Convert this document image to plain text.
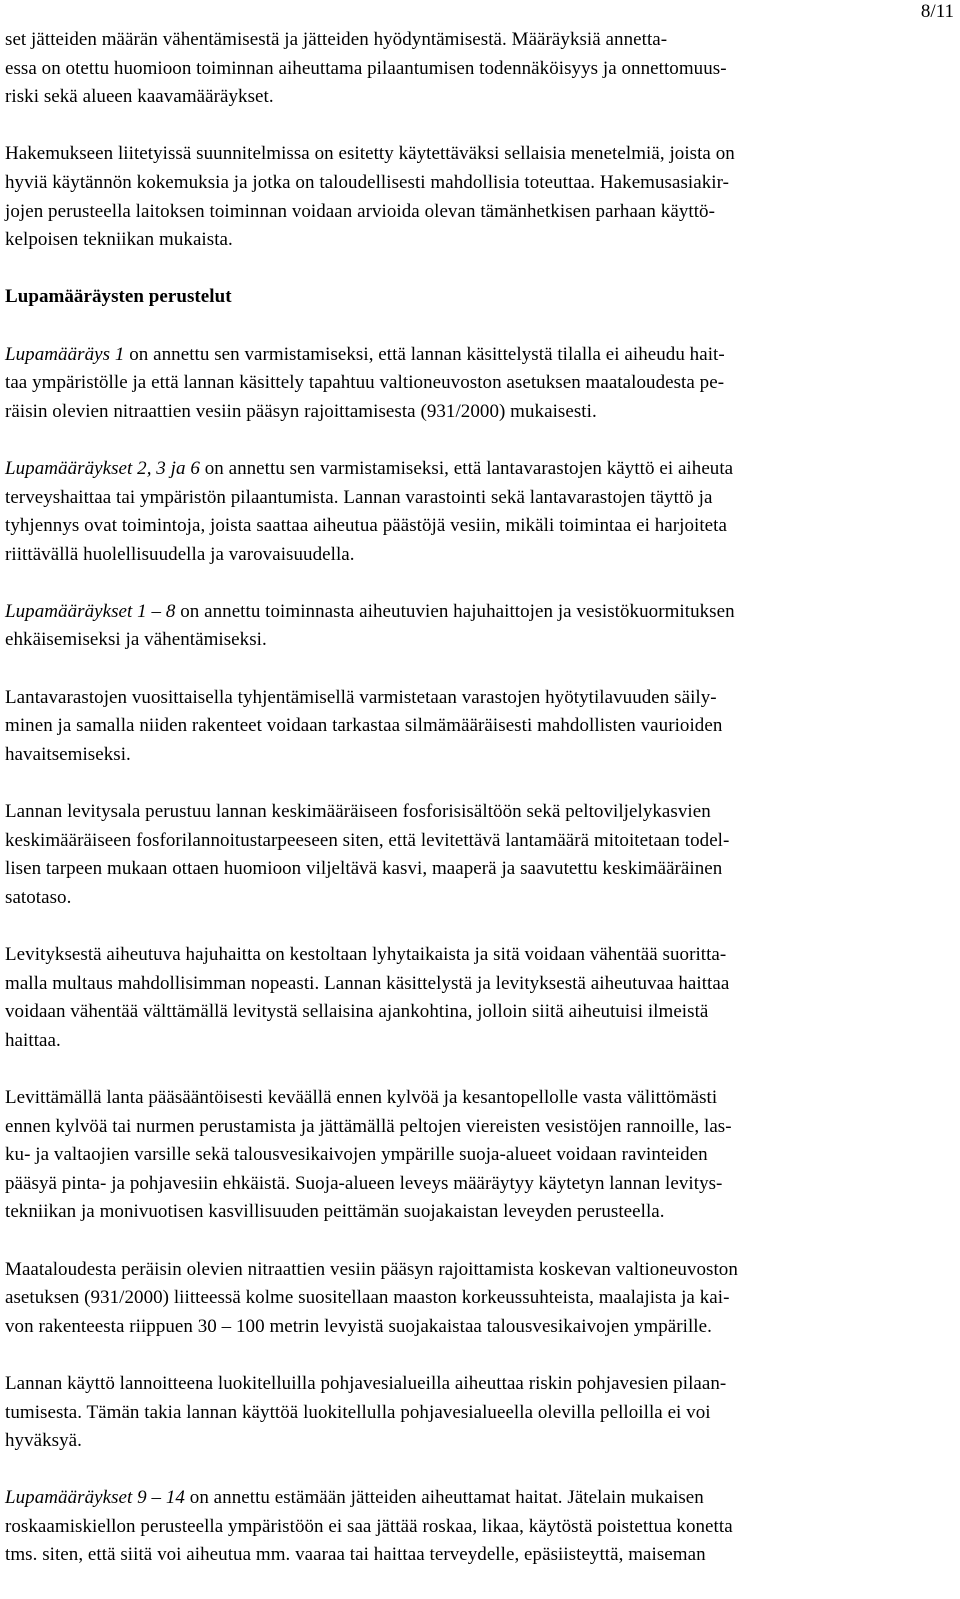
8/11
set jätteiden määrän vähentämisestä ja jätteiden hyödyntämisestä. Määräyksiä annetta-
essa on otettu huomioon toiminnan aiheuttama pilaantumisen todennäköisyys ja onnettomuus-
riski sekä alueen kaavamääräykset.
Hakemukseen liitetyissä suunnitelmissa on esitetty käytettäväksi sellaisia menetelmiä, joista on
hyviä käytännön kokemuksia ja jotka on taloudellisesti mahdollisia toteuttaa. Hakemusasiakir-
jojen perusteella laitoksen toiminnan voidaan arvioida olevan tämänhetkisen parhaan käyttö-
kelpoisen tekniikan mukaista.
Lupamääräysten perustelut
Lupamääräys 1 on annettu sen varmistamiseksi, että lannan käsittelystä tilalla ei aiheudu hait-
taa ympäristölle ja että lannan käsittely tapahtuu valtioneuvoston asetuksen maataloudesta pe-
räisin olevien nitraattien vesiin pääsyn rajoittamisesta (931/2000) mukaisesti.
Lupamääräykset 2, 3 ja 6 on annettu sen varmistamiseksi, että lantavarastojen käyttö ei aiheuta
terveyshaittaa tai ympäristön pilaantumista. Lannan varastointi sekä lantavarastojen täyttö ja
tyhjennys ovat toimintoja, joista saattaa aiheutua päästöjä vesiin, mikäli toimintaa ei harjoiteta
riittävällä huolellisuudella ja varovaisuudella.
Lupamääräykset 1 – 8 on annettu toiminnasta aiheutuvien hajuhaittojen ja vesistökuormituksen
ehkäisemiseksi ja vähentämiseksi.
Lantavarastojen vuosittaisella tyhjentämisellä varmistetaan varastojen hyötytilavuuden säily-
minen ja samalla niiden rakenteet voidaan tarkastaa silmämääräisesti mahdollisten vaurioiden
havaitsemiseksi.
Lannan levitysala perustuu lannan keskimääräiseen fosforisisältöön sekä peltoviljelykasvien
keskimääräiseen fosforilannoitustarpeeseen siten, että levitettävä lantamäärä mitoitetaan todel-
lisen tarpeen mukaan ottaen huomioon viljeltävä kasvi, maaperä ja saavutettu keskimääräinen
satotaso.
Levityksestä aiheutuva hajuhaitta on kestoltaan lyhytaikaista ja sitä voidaan vähentää suoritta-
malla multaus mahdollisimman nopeasti. Lannan käsittelystä ja levityksestä aiheutuvaa haittaa
voidaan vähentää välttämällä levitystä sellaisina ajankohtina, jolloin siitä aiheutuisi ilmeistä
haittaa.
Levittämällä lanta pääsääntöisesti keväällä ennen kylvöä ja kesantopellolle vasta välittömästi
ennen kylvöä tai nurmen perustamista ja jättämällä peltojen viereisten vesistöjen rannoille, las-
ku- ja valtaojien varsille sekä talousvesikaivojen ympärille suoja-alueet voidaan ravinteiden
pääsyä pinta- ja pohjavesiin ehkäistä. Suoja-alueen leveys määräytyy käytetyn lannan levitys-
tekniikan ja monivuotisen kasvillisuuden peittämän suojakaistan leveyden perusteella.
Maataloudesta peräisin olevien nitraattien vesiin pääsyn rajoittamista koskevan valtioneuvoston
asetuksen (931/2000) liitteessä kolme suositellaan maaston korkeussuhteista, maalajista ja kai-
von rakenteesta riippuen 30 – 100 metrin levyistä suojakaistaa talousvesikaivojen ympärille.
Lannan käyttö lannoitteena luokitelluilla pohjavesialueilla aiheuttaa riskin pohjavesien pilaan-
tumisesta. Tämän takia lannan käyttöä luokitellulla pohjavesialueella olevilla pelloilla ei voi
hyväksyä.
Lupamääräykset 9 – 14 on annettu estämään jätteiden aiheuttamat haitat. Jätelain mukaisen
roskaamiskiellon perusteella ympäristöön ei saa jättää roskaa, likaa, käytöstä poistettua konetta
tms. siten, että siitä voi aiheutua mm. vaaraa tai haittaa terveydelle, epäsiisteyttä, maiseman
